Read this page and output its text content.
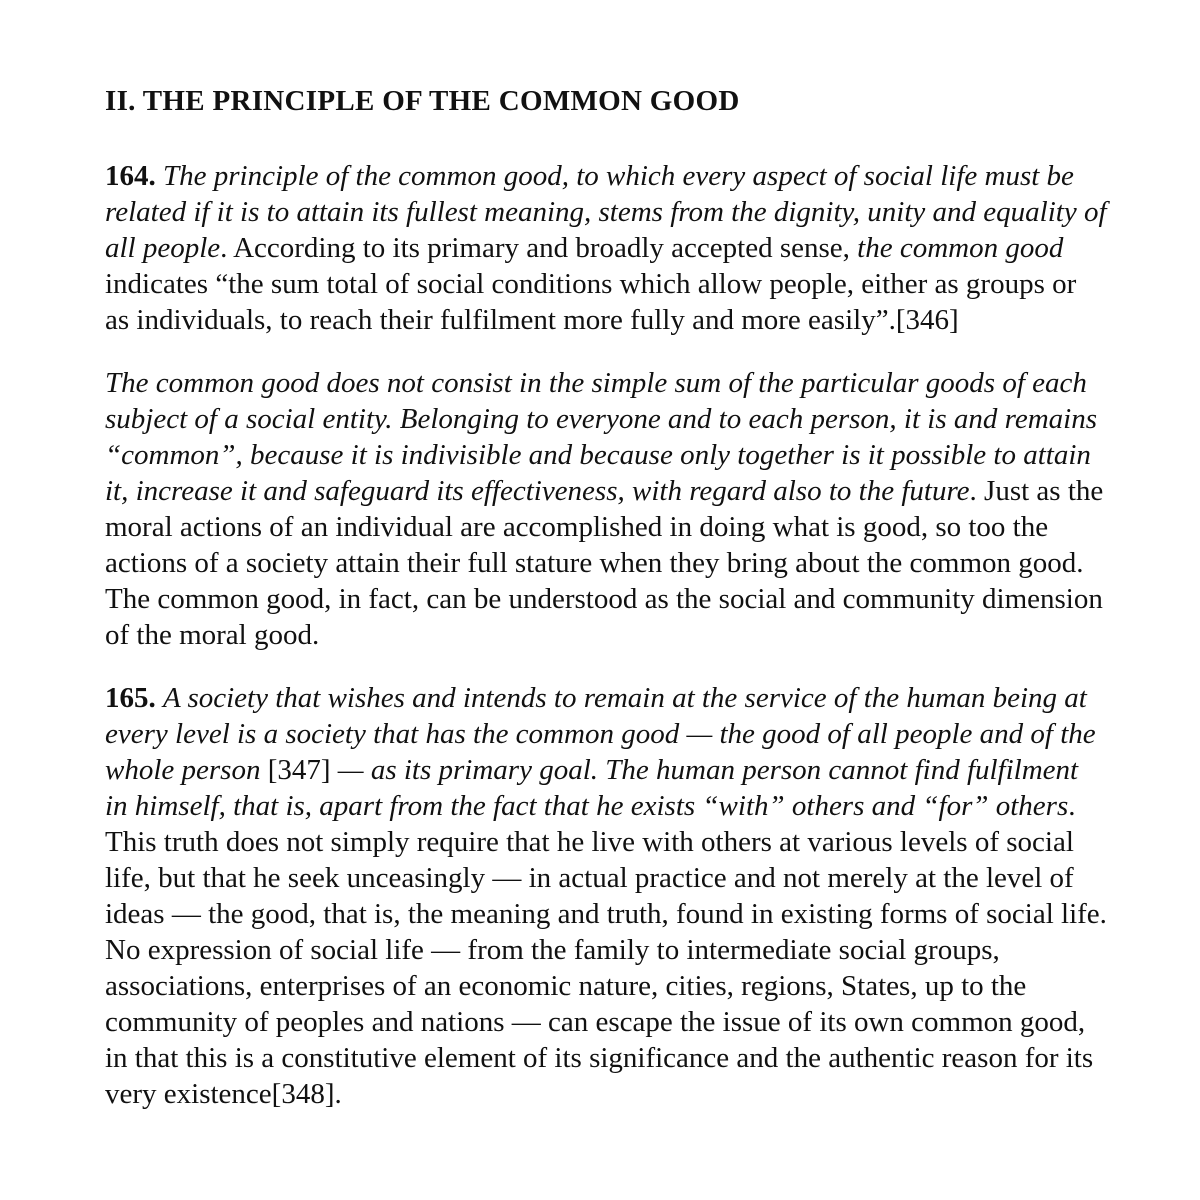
II. THE PRINCIPLE OF THE COMMON GOOD

164. The principle of the common good, to which every aspect of social life must be related if it is to attain its fullest meaning, stems from the dignity, unity and equality of all people. According to its primary and broadly accepted sense, the common good indicates “the sum total of social conditions which allow people, either as groups or as individuals, to reach their fulfilment more fully and more easily”.[346]

The common good does not consist in the simple sum of the particular goods of each subject of a social entity. Belonging to everyone and to each person, it is and remains “common”, because it is indivisible and because only together is it possible to attain it, increase it and safeguard its effectiveness, with regard also to the future. Just as the moral actions of an individual are accomplished in doing what is good, so too the actions of a society attain their full stature when they bring about the common good. The common good, in fact, can be understood as the social and community dimension of the moral good.

165. A society that wishes and intends to remain at the service of the human being at every level is a society that has the common good — the good of all people and of the whole person [347] — as its primary goal. The human person cannot find fulfilment in himself, that is, apart from the fact that he exists “with” others and “for” others. This truth does not simply require that he live with others at various levels of social life, but that he seek unceasingly — in actual practice and not merely at the level of ideas — the good, that is, the meaning and truth, found in existing forms of social life. No expression of social life — from the family to intermediate social groups, associations, enterprises of an economic nature, cities, regions, States, up to the community of peoples and nations — can escape the issue of its own common good, in that this is a constitutive element of its significance and the authentic reason for its very existence[348].
